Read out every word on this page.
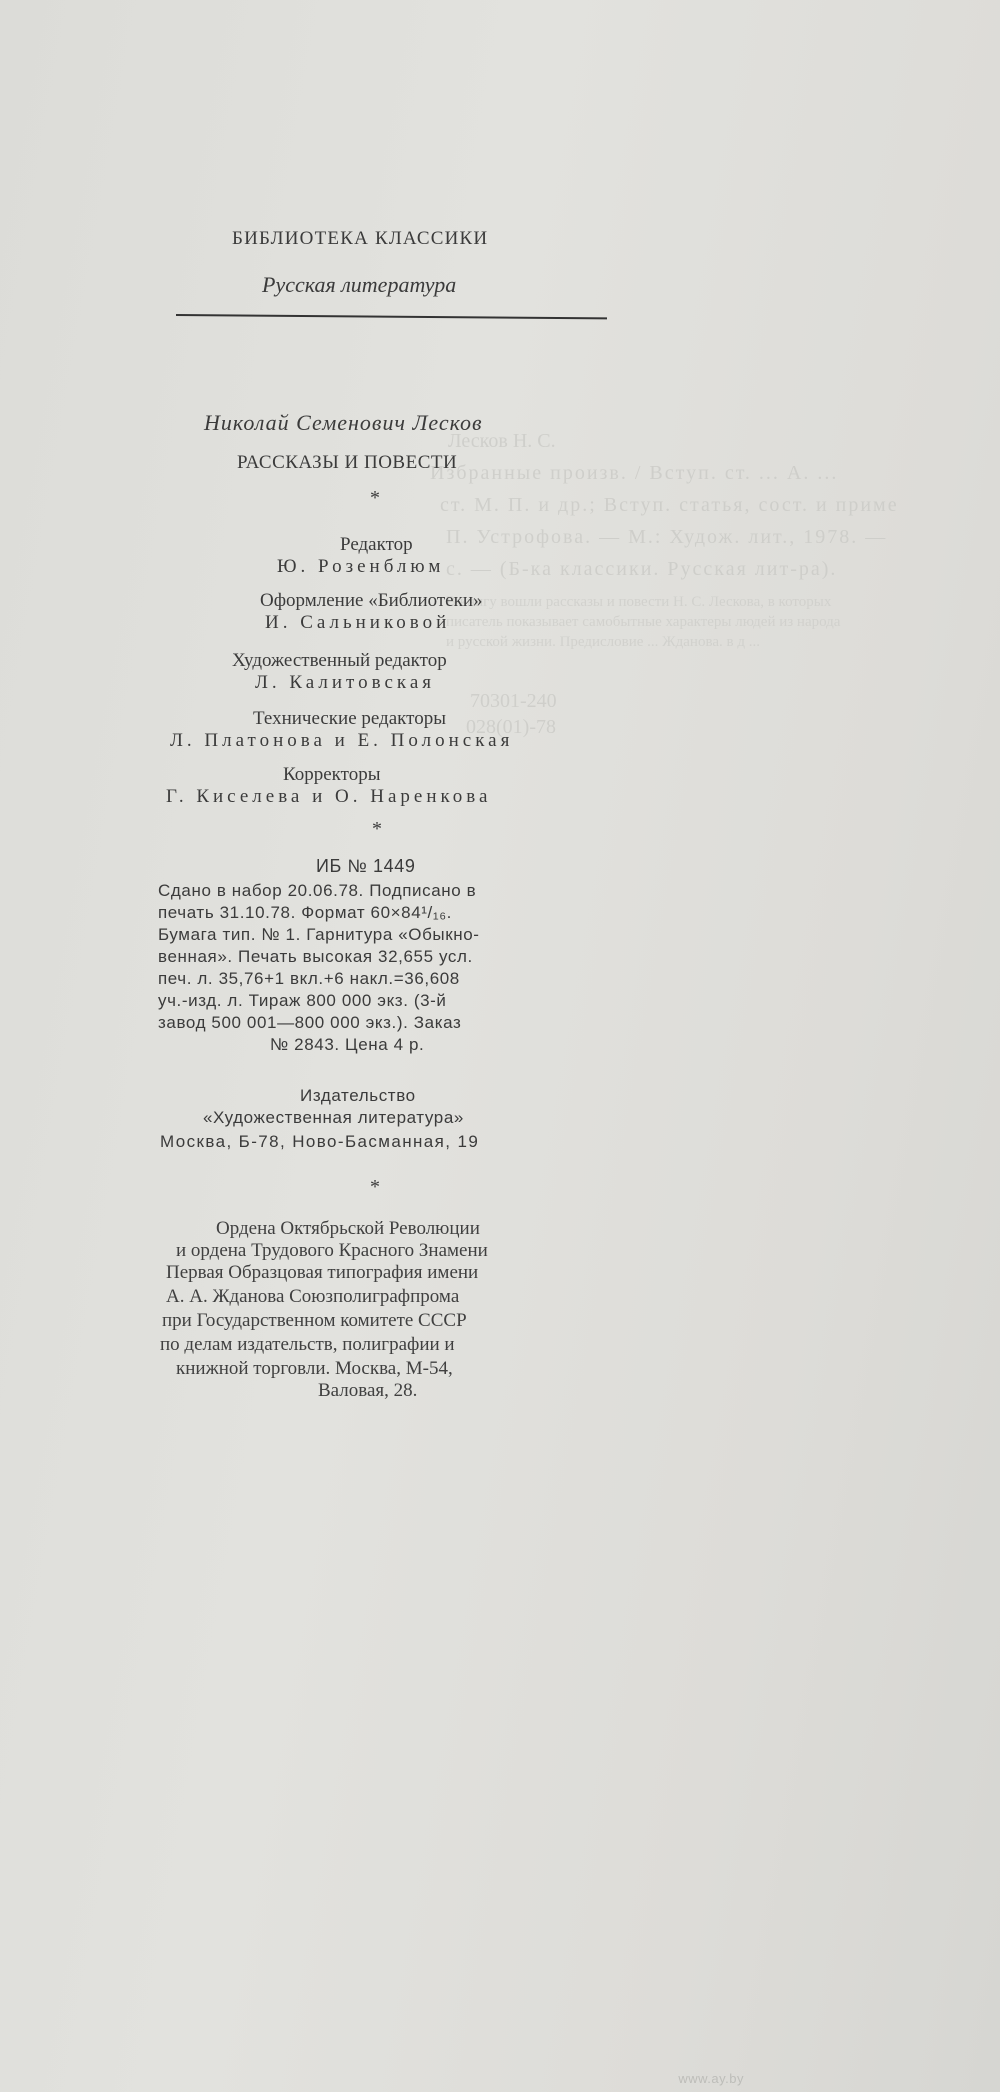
Лесков Н. С.
Избранные произв. / Вступ. ст. ... А. ...
ст. М. П. и др.; Вступ. статья, сост. и приме
П. Устрофова. — М.: Худож. лит., 1978. —
с. — (Б-ка классики. Русская лит-ра).
В книгу вошли рассказы и повести Н. С. Лескова, в которых
писатель показывает самобытные характеры людей из народа
и русской жизни. Предисловие ... Жданова. в д ...
70301-240
028(01)-78
БИБЛИОТЕКА КЛАССИКИ
Русская литература
Николай Семенович Лесков
РАССКАЗЫ И ПОВЕСТИ
*
Редактор
Ю. Розенблюм
Оформление «Библиотеки»
И. Сальниковой
Художественный редактор
Л. Калитовская
Технические редакторы
Л. Платонова и Е. Полонская
Корректоры
Г. Киселева и О. Наренкова
*
ИБ № 1449
Сдано в набор 20.06.78. Подписано в
печать 31.10.78. Формат 60×84¹/₁₆.
Бумага тип. № 1. Гарнитура «Обыкно-
венная». Печать высокая 32,655 усл.
печ. л. 35,76+1 вкл.+6 накл.=36,608
уч.-изд. л. Тираж 800 000 экз. (3-й
завод 500 001—800 000 экз.). Заказ
№ 2843. Цена 4 р.
Издательство
«Художественная литература»
Москва, Б-78, Ново-Басманная, 19
*
Ордена Октябрьской Революции
и ордена Трудового Красного Знамени
Первая Образцовая типография имени
А. А. Жданова Союзполиграфпрома
при Государственном комитете СССР
по делам издательств, полиграфии и
книжной торговли. Москва, М-54,
Валовая, 28.
www.ay.by
